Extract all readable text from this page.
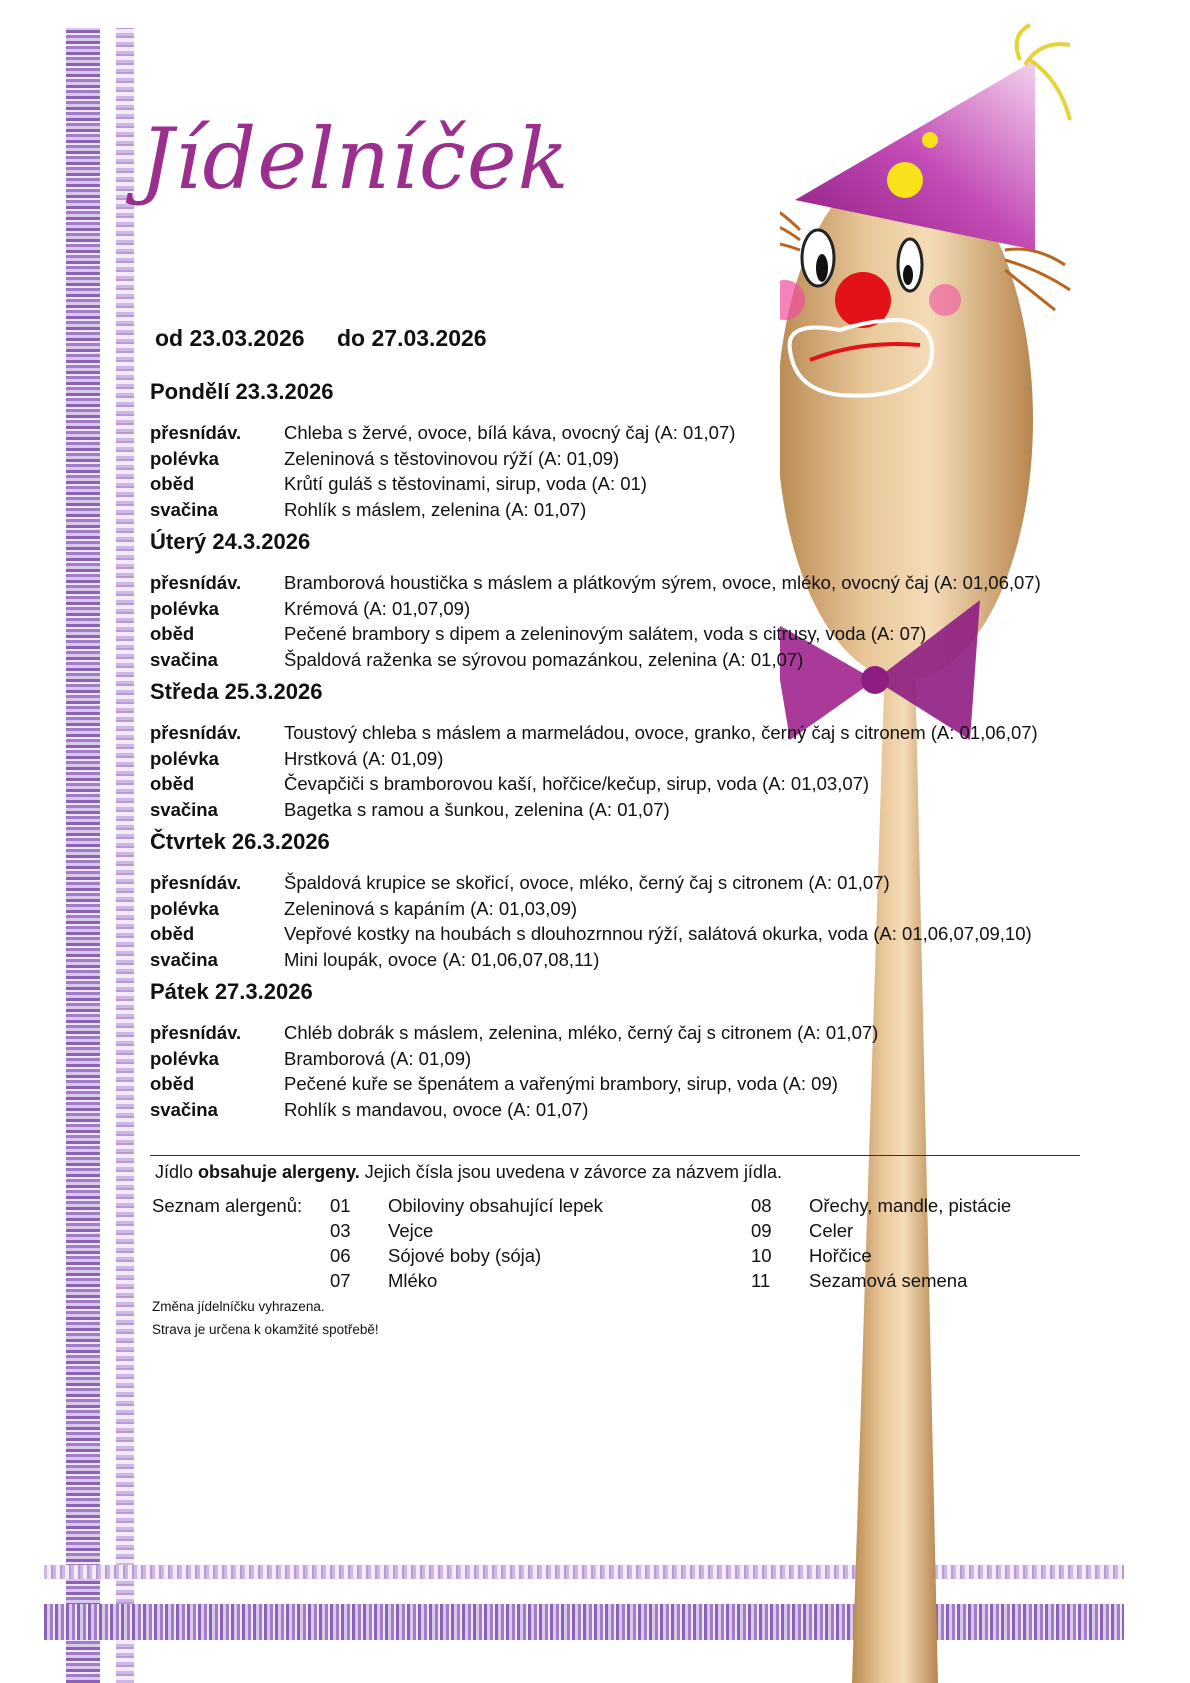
Jídelníček
od 23.03.2026 do 27.03.2026
Pondělí 23.3.2026
přesnídáv.	Chleba s žervé, ovoce, bílá káva, ovocný čaj (A: 01,07)
polévka	Zeleninová s těstovinovou rýží (A: 01,09)
oběd	Krůtí guláš s těstovinami, sirup, voda (A: 01)
svačina	Rohlík s máslem, zelenina (A: 01,07)
Úterý 24.3.2026
přesnídáv.	Bramborová houstička s máslem a plátkovým sýrem, ovoce, mléko, ovocný čaj (A: 01,06,07)
polévka	Krémová (A: 01,07,09)
oběd	Pečené brambory s dipem a zeleninovým salátem, voda s citrusy, voda (A: 07)
svačina	Špaldová raženka se sýrovou pomazánkou, zelenina (A: 01,07)
Středa 25.3.2026
přesnídáv.	Toustový chleba s máslem a marmeládou, ovoce, granko, černý čaj s citronem (A: 01,06,07)
polévka	Hrstková (A: 01,09)
oběd	Čevapčiči s bramborovou kaší, hořčice/kečup, sirup, voda (A: 01,03,07)
svačina	Bagetka s ramou a šunkou, zelenina (A: 01,07)
Čtvrtek 26.3.2026
přesnídáv.	Špaldová krupice se skořicí, ovoce, mléko, černý čaj s citronem (A: 01,07)
polévka	Zeleninová s kapáním (A: 01,03,09)
oběd	Vepřové kostky na houbách s dlouhozrnnou rýží, salátová okurka, voda (A: 01,06,07,09,10)
svačina	Mini loupák, ovoce (A: 01,06,07,08,11)
Pátek 27.3.2026
přesnídáv.	Chléb dobrák s máslem, zelenina, mléko, černý čaj s citronem (A: 01,07)
polévka	Bramborová (A: 01,09)
oběd	Pečené kuře se špenátem a vařenými brambory, sirup, voda (A: 09)
svačina	Rohlík s mandavou, ovoce (A: 01,07)
Jídlo obsahuje alergeny. Jejich čísla jsou uvedena v závorce za názvem jídla.
Seznam alergenů:	01	Obiloviny obsahující lepek	08	Ořechy, mandle, pistácie
03	Vejce	09	Celer
06	Sójové boby (sója)	10	Hořčice
07	Mléko	11	Sezamová semena
Změna jídelníčku vyhrazena.
Strava je určena k okamžité spotřebě!
